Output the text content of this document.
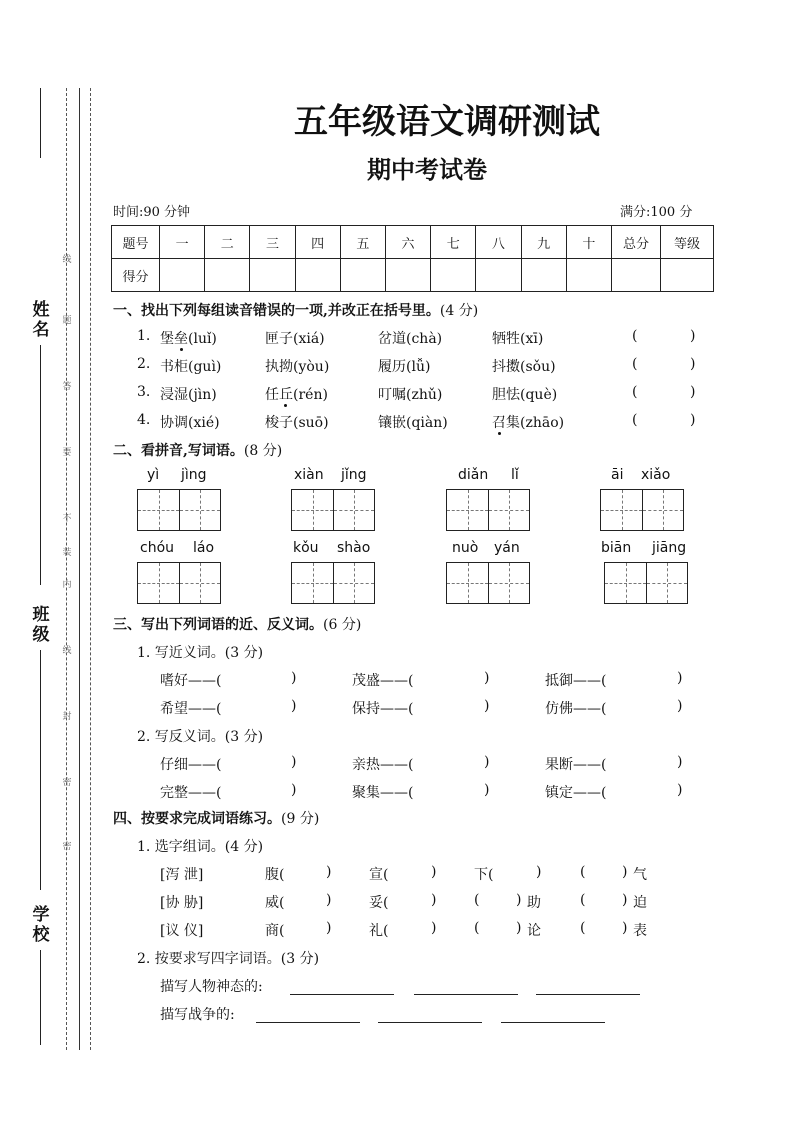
姓名
班级
学校
线
题
答
要
不
装
内
线
封
密
密
五年级语文调研测试
期中考试卷
时间:90 分钟	满分:100 分
题号	一	二	三	四	五	六	七	八	九	十	总分	等级
得分												
一、找出下列每组读音错误的一项,并改正在括号里。(4 分)
1. 堡垒(luǐ)	匣子(xiá)	岔道(chà)	牺牲(xī)	(	)
2. 书柜(guì)	执拗(yòu)	履历(lǚ)	抖擞(sǒu)	(	)
3. 浸湿(jìn)	任丘(rén)	叮嘱(zhǔ)	胆怯(què)	(	)
4. 协调(xié)	梭子(suō)	镶嵌(qiàn)	召集(zhāo)	(	)
二、看拼音,写词语。(8 分)
yì jìng	xiàn jǐng	diǎn lǐ	āi xiǎo
chóu láo	kǒu shào	nuò yán	biān jiāng
三、写出下列词语的近、反义词。(6 分)
1. 写近义词。(3 分)
嗜好——(	)	茂盛——(	)	抵御——(	)
希望——(	)	保持——(	)	仿佛——(	)
2. 写反义词。(3 分)
仔细——(	)	亲热——(	)	果断——(	)
完整——(	)	聚集——(	)	镇定——(	)
四、按要求完成词语练习。(9 分)
1. 选字组词。(4 分)
[泻 泄]	腹(	)	宣(	)	下(	)	(	) 气
[协 胁]	威(	)	妥(	)	(	) 助	(	) 迫
[议 仪]	商(	)	礼(	)	(	) 论	(	) 表
2. 按要求写四字词语。(3 分)
描写人物神态的:
描写战争的:
